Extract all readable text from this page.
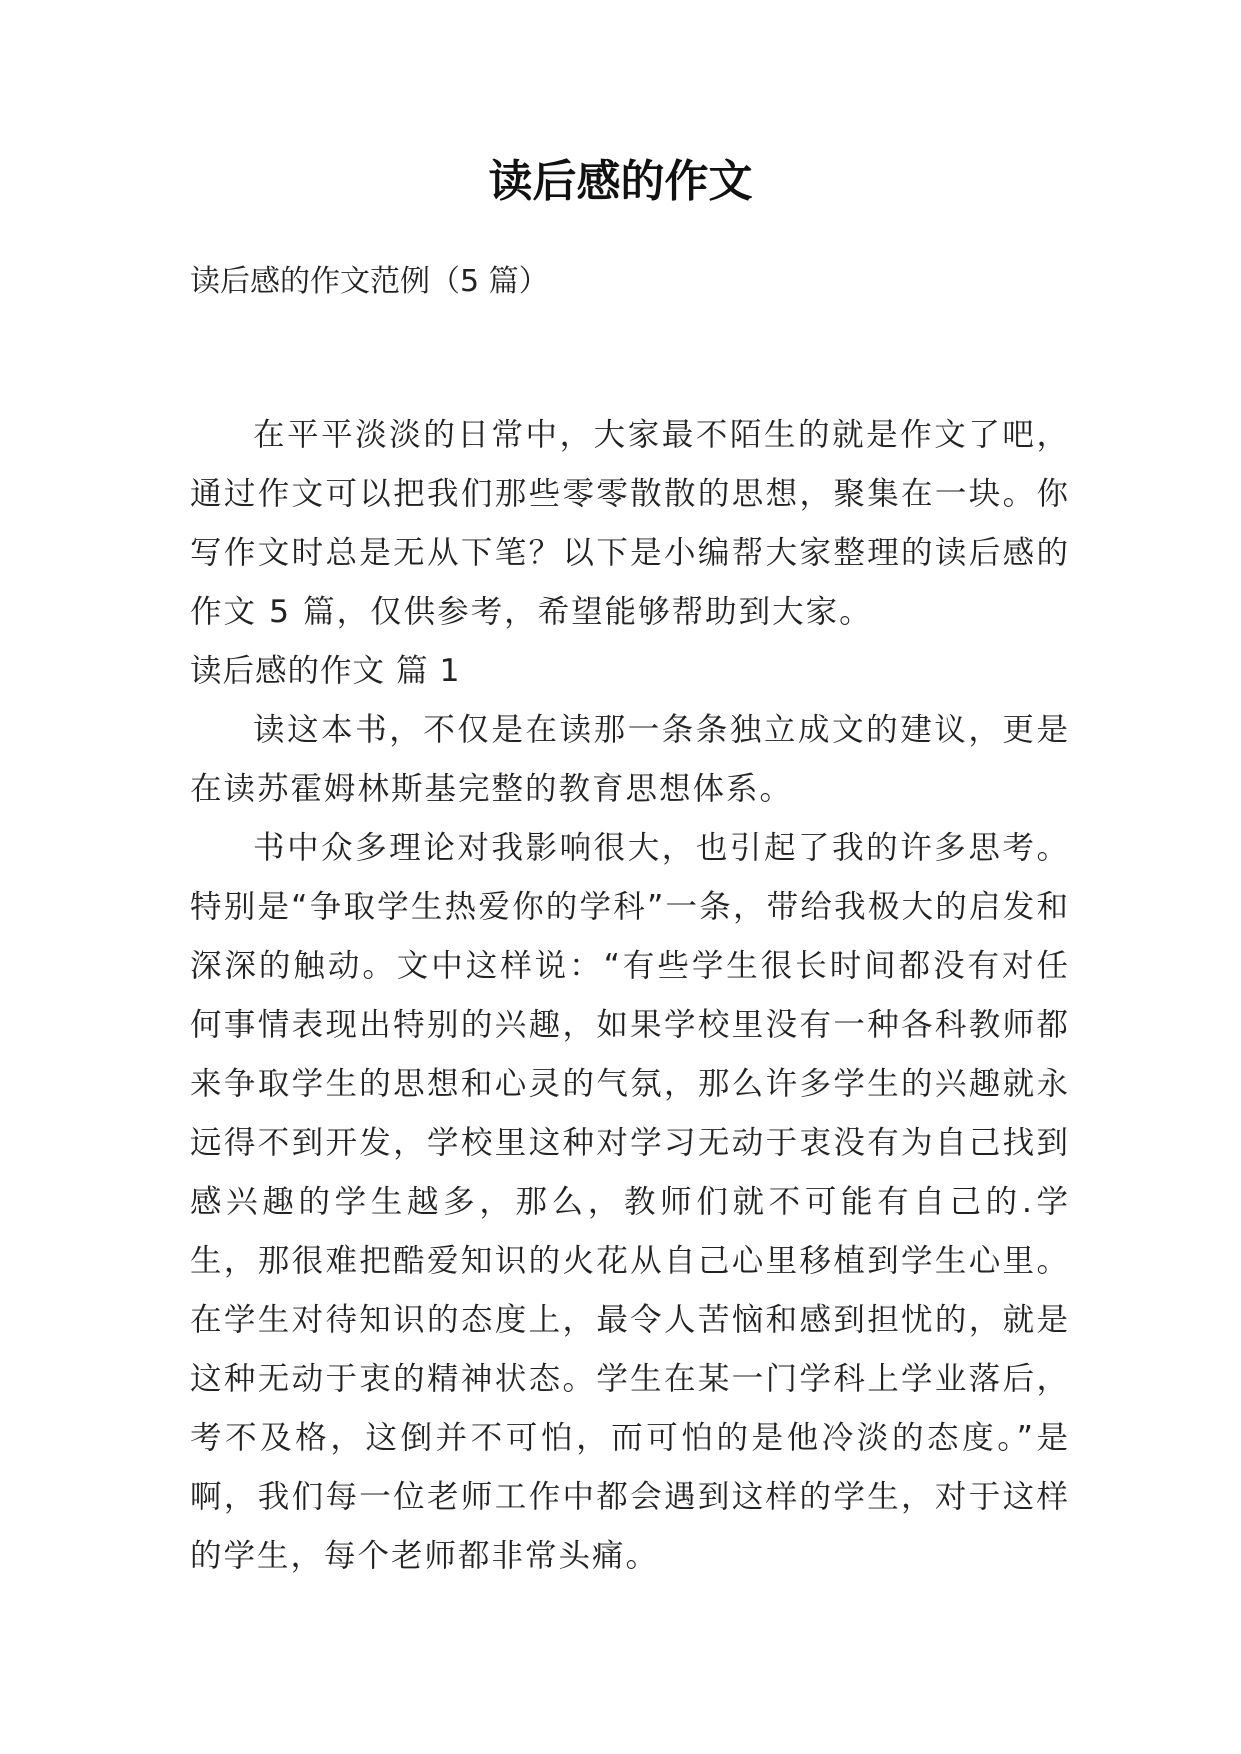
读后感的作文

读后感的作文范例（5 篇）

在平平淡淡的日常中，大家最不陌生的就是作文了吧，通过作文可以把我们那些零零散散的思想，聚集在一块。你写作文时总是无从下笔？以下是小编帮大家整理的读后感的作文 5 篇，仅供参考，希望能够帮助到大家。

读后感的作文 篇 1

读这本书，不仅是在读那一条条独立成文的建议，更是在读苏霍姆林斯基完整的教育思想体系。

书中众多理论对我影响很大，也引起了我的许多思考。特别是“争取学生热爱你的学科”一条，带给我极大的启发和深深的触动。文中这样说：“有些学生很长时间都没有对任何事情表现出特别的兴趣，如果学校里没有一种各科教师都来争取学生的思想和心灵的气氛，那么许多学生的兴趣就永远得不到开发，学校里这种对学习无动于衷没有为自己找到感兴趣的学生越多，那么，教师们就不可能有自己的.学生，那很难把酷爱知识的火花从自己心里移植到学生心里。在学生对待知识的态度上，最令人苦恼和感到担忧的，就是这种无动于衷的精神状态。学生在某一门学科上学业落后，考不及格，这倒并不可怕，而可怕的是他冷淡的态度。”是啊，我们每一位老师工作中都会遇到这样的学生，对于这样的学生，每个老师都非常头痛。
